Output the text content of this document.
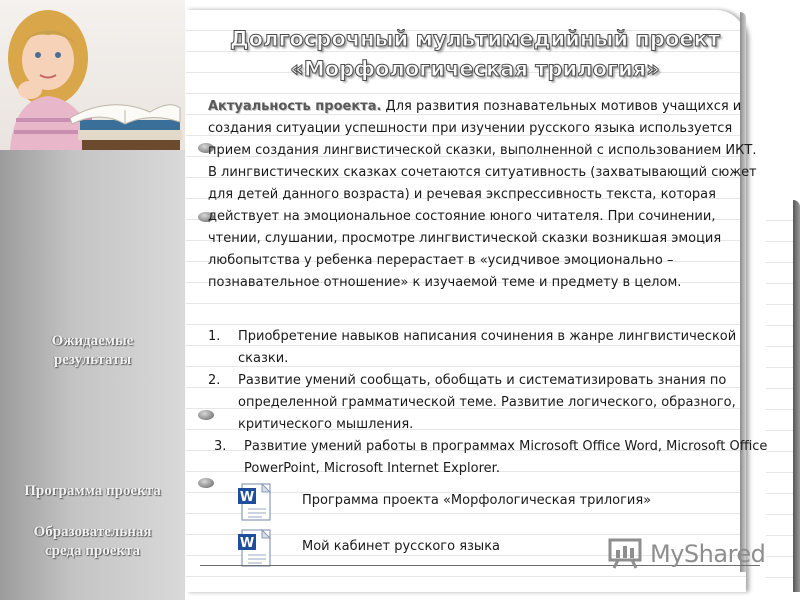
Ожидаемые
результаты
Программа проекта
Образовательная
среда проекта
Долгосрочный мультимедийный проект
«Морфологическая трилогия»
Актуальность проекта. Для развития познавательных мотивов учащихся и создания ситуации успешности при изучении русского языка используется прием создания лингвистической сказки, выполненной с использованием ИКТ. В лингвистических сказках сочетаются ситуативность (захватывающий сюжет для детей данного возраста) и речевая экспрессивность текста, которая действует на эмоциональное состояние юного читателя. При сочинении, чтении, слушании, просмотре лингвистической сказки возникшая эмоция любопытства у ребенка перерастает в «усидчивое эмоционально – познавательное отношение» к изучаемой теме и предмету в целом.
1. Приобретение навыков написания сочинения в жанре лингвистической сказки.
2. Развитие умений сообщать, обобщать и систематизировать знания по определенной грамматической теме. Развитие логического, образного, критического мышления.
3. Развитие умений работы в программах Microsoft Office Word, Microsoft Office PowerPoint, Microsoft Internet Explorer.
W	Программа проекта «Морфологическая трилогия»
W	Мой кабинет русского языка	MyShared
